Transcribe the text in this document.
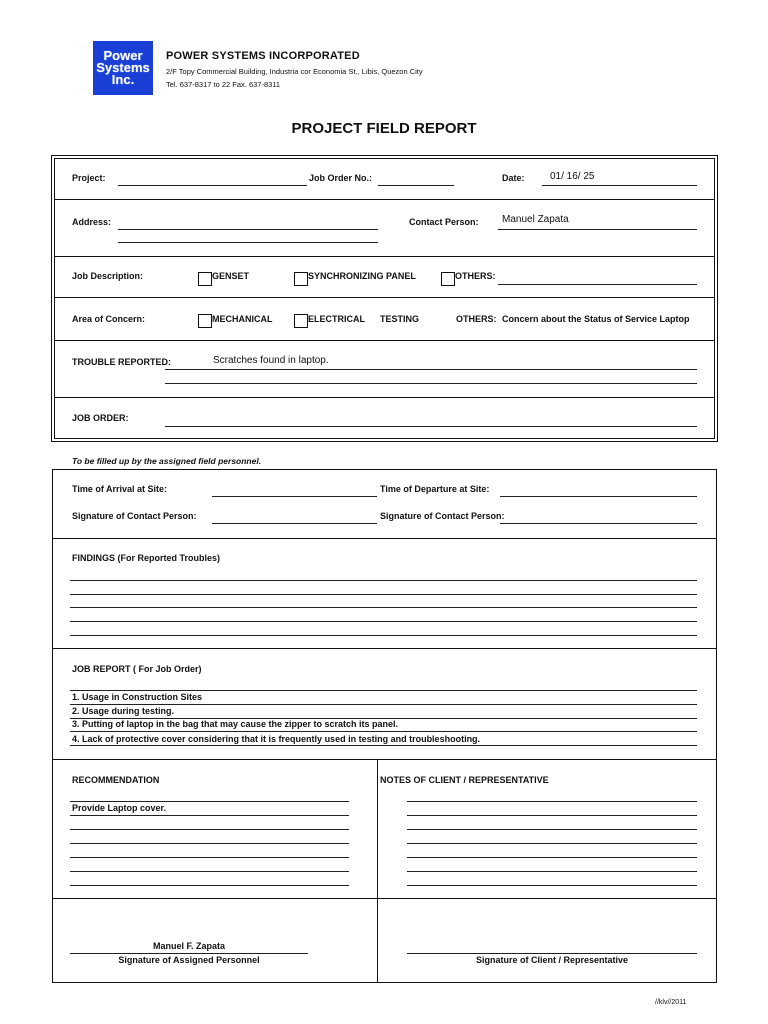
Power
Systems
Inc.
POWER SYSTEMS INCORPORATED
2/F Topy Commercial Building, Industria cor Economia St., Libis, Quezon City
Tel. 637-8317 to 22 Fax. 637-8311
PROJECT FIELD REPORT
Project:	Job Order No.:	Date:	01/ 16/ 25
Address:	Contact Person: Manuel Zapata
Job Description:	GENSET	SYNCHRONIZING PANEL	OTHERS:
Area of Concern:	MECHANICAL	ELECTRICAL TESTING	OTHERS: Concern about the Status of Service Laptop
TROUBLE REPORTED:	Scratches found in laptop.
JOB ORDER:
To be filled up by the assigned field personnel.
Time of Arrival at Site:	Time of Departure at Site:
Signature of Contact Person:	Signature of Contact Person:
FINDINGS (For Reported Troubles)
JOB REPORT ( For Job Order)
1. Usage in Construction Sites
2. Usage during testing.
3. Putting of laptop in the bag that may cause the zipper to scratch its panel.
4. Lack of protective cover considering that it is frequently used in testing and troubleshooting.
RECOMMENDATION
Provide Laptop cover.
NOTES OF CLIENT / REPRESENTATIVE
Manuel F. Zapata
Signature of Assigned Personnel	Signature of Client / Representative
//klv//2011
